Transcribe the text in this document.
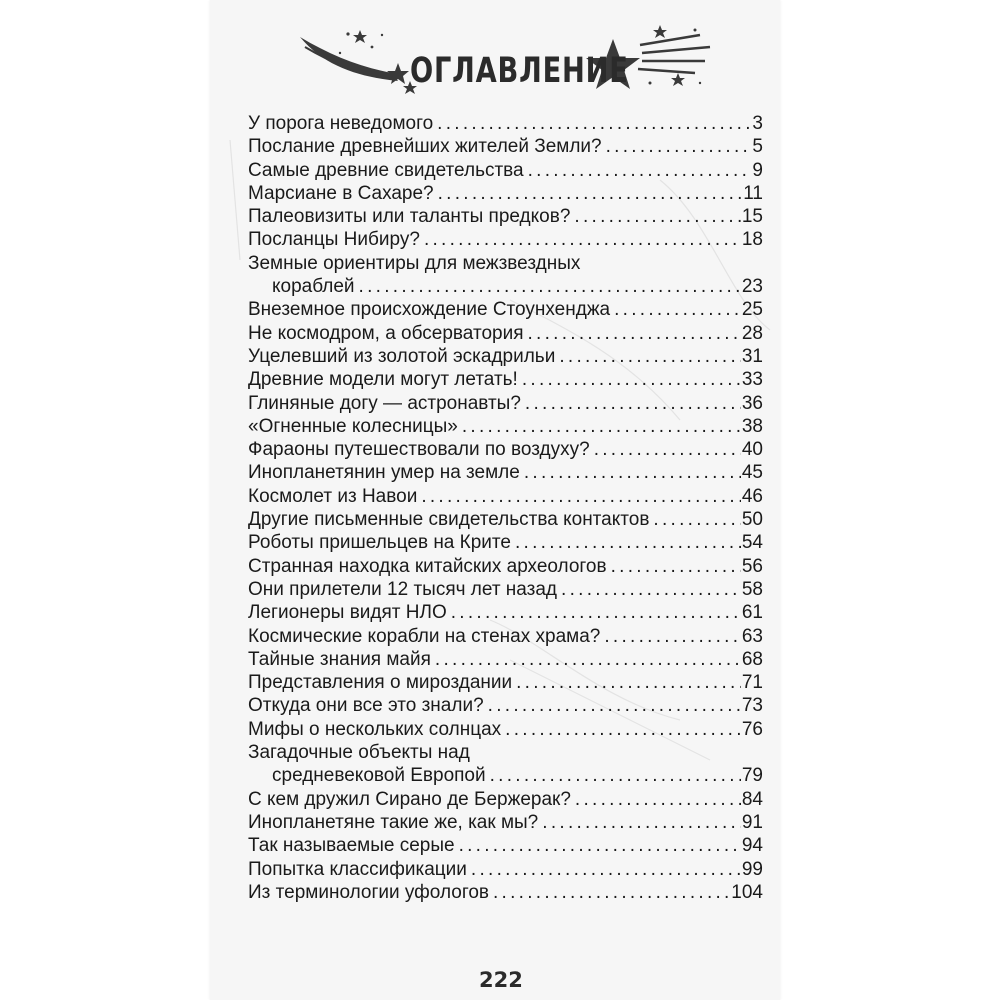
ОГЛАВЛЕНИЕ
У порога неведомого . . .	3
Послание древнейших жителей Земли? . . .	5
Самые древние свидетельства . . .	9
Марсиане в Сахаре? . . .	11
Палеовизиты или таланты предков? . . .	15
Посланцы Нибиру? . . .	18
Земные ориентиры для межзвездных
кораблей . . .	23
Внеземное происхождение Стоунхенджа . . .	25
Не космодром, а обсерватория . . .	28
Уцелевший из золотой эскадрильи . . .	31
Древние модели могут летать! . . .	33
Глиняные догу — астронавты? . . .	36
«Огненные колесницы» . . .	38
Фараоны путешествовали по воздуху? . . .	40
Инопланетянин умер на земле . . .	45
Космолет из Навои . . .	46
Другие письменные свидетельства контактов . . .	50
Роботы пришельцев на Крите . . .	54
Странная находка китайских археологов . . .	56
Они прилетели 12 тысяч лет назад . . .	58
Легионеры видят НЛО . . .	61
Космические корабли на стенах храма? . . .	63
Тайные знания майя . . .	68
Представления о мироздании . . .	71
Откуда они все это знали? . . .	73
Мифы о нескольких солнцах . . .	76
Загадочные объекты над
средневековой Европой . . .	79
С кем дружил Сирано де Бержерак? . . .	84
Инопланетяне такие же, как мы? . . .	91
Так называемые серые . . .	94
Попытка классификации . . .	99
Из терминологии уфологов . . .	104
222
